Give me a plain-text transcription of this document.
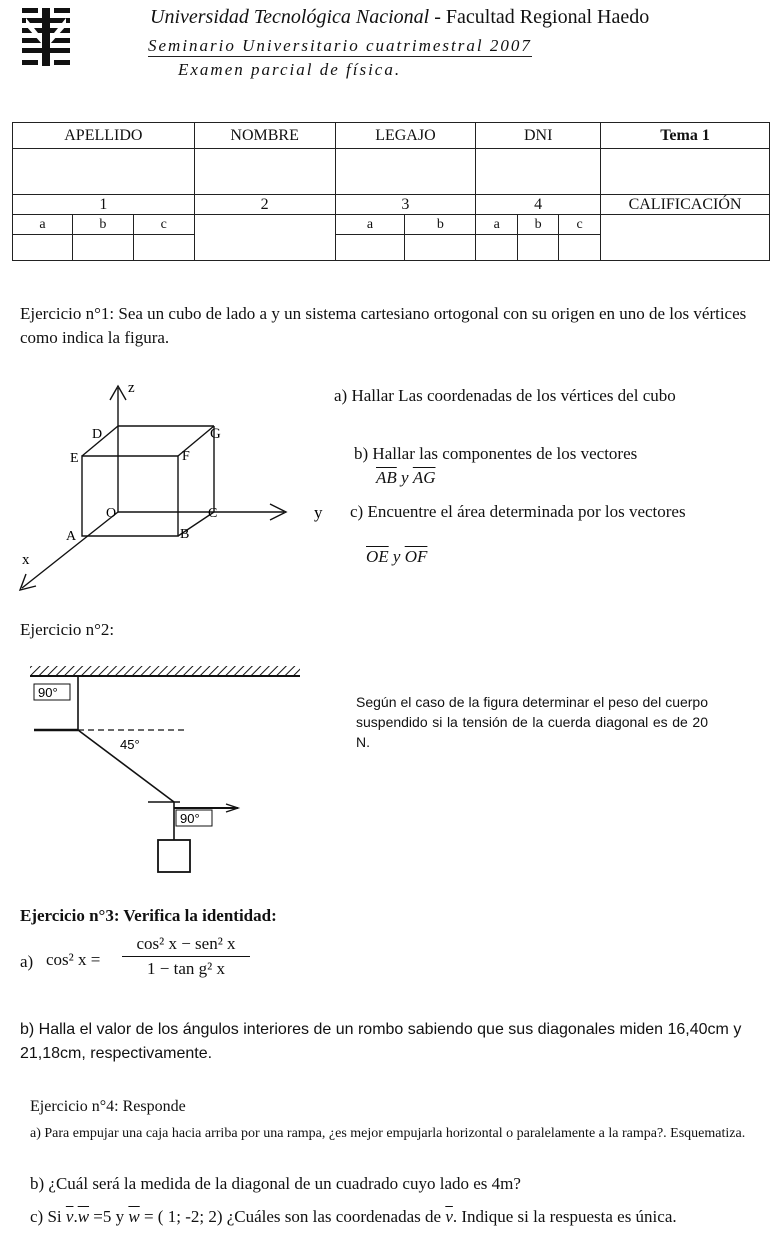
Universidad Tecnológica Nacional - Facultad Regional Haedo
Seminario Universitario cuatrimestral 2007
Examen parcial de física.
APELLIDO			NOMBRE	LEGAJO		DNI			Tema 1

1			2	3		4			CALIFICACIÓN
a	b	c		a	b	a	b	c	

Ejercicio n°1: Sea un cubo de lado a y un sistema cartesiano ortogonal con su origen en uno de los vértices como indica la figura.
z
y
x
D	G
E	F
O	C
A	B
a) Hallar Las coordenadas de los vértices del cubo
b) Hallar las componentes de los vectores
$\overline{AB}$ y $\overline{AG}$
c) Encuentre el área determinada por los vectores
$\overline{OE}$ y $\overline{OF}$
Ejercicio n°2:
90°
45°
90°
Según el caso de la figura determinar el peso del cuerpo suspendido si la tensión de la cuerda diagonal es de 20 N.
Ejercicio n°3: Verifica la identidad:
a) cos² x =
cos² x − sen² x
1 − tan g² x
b) Halla el valor de los ángulos interiores de un rombo sabiendo que sus diagonales miden 16,40cm y 21,18cm, respectivamente.
Ejercicio n°4: Responde
a) Para empujar una caja hacia arriba por una rampa, ¿es mejor empujarla horizontal o paralelamente a la rampa?. Esquematiza.
b) ¿Cuál será la medida de la diagonal de un cuadrado cuyo lado es 4m?
c) Si $\overline{v}.\overline{w} =5$ y $\overline{w}$ = ( 1; -2; 2) ¿Cuáles son las coordenadas de $\overline{v}$. Indique si la respuesta es única.
